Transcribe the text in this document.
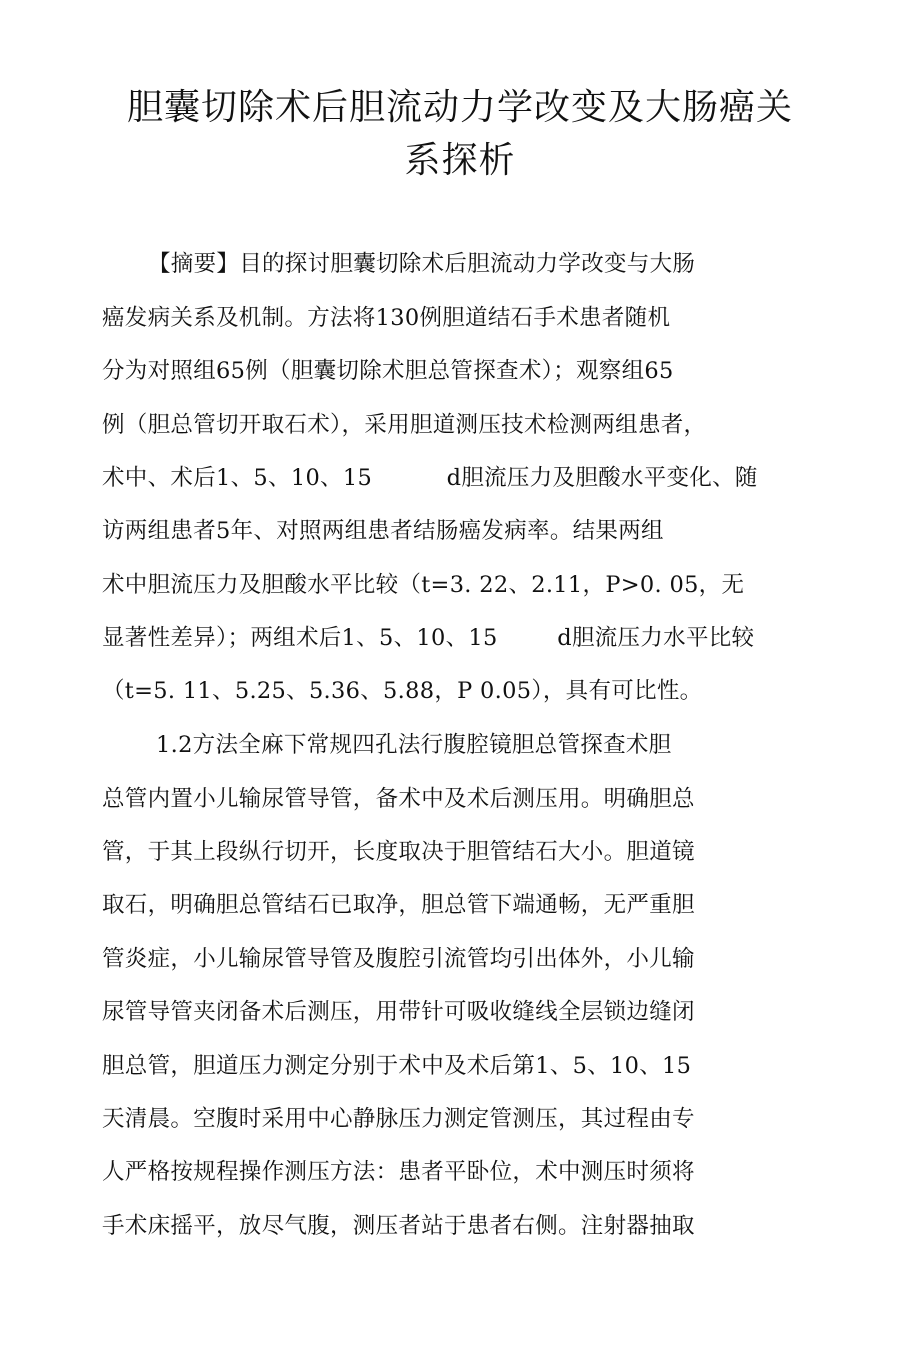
胆囊切除术后胆流动力学改变及大肠癌关
系探析
【摘要】目的探讨胆囊切除术后胆流动力学改变与大肠
癌发病关系及机制。方法将130例胆道结石手术患者随机
分为对照组65例（胆囊切除术胆总管探查术）；观察组65
例（胆总管切开取石术），采用胆道测压技术检测两组患者，
术中、术后1、5、10、15          d胆流压力及胆酸水平变化、随
访两组患者5年、对照两组患者结肠癌发病率。结果两组
术中胆流压力及胆酸水平比较（t=3. 22、2.11，P>0. 05，无
显著性差异）；两组术后1、5、10、15        d胆流压力水平比较
（t=5. 11、5.25、5.36、5.88，P 0.05），具有可比性。
1.2方法全麻下常规四孔法行腹腔镜胆总管探查术胆
总管内置小儿输尿管导管，备术中及术后测压用。明确胆总
管，于其上段纵行切开，长度取决于胆管结石大小。胆道镜
取石，明确胆总管结石已取净，胆总管下端通畅，无严重胆
管炎症，小儿输尿管导管及腹腔引流管均引出体外，小儿输
尿管导管夹闭备术后测压，用带针可吸收缝线全层锁边缝闭
胆总管，胆道压力测定分别于术中及术后第1、5、10、15
天清晨。空腹时采用中心静脉压力测定管测压，其过程由专
人严格按规程操作测压方法：患者平卧位，术中测压时须将
手术床摇平，放尽气腹，测压者站于患者右侧。注射器抽取
